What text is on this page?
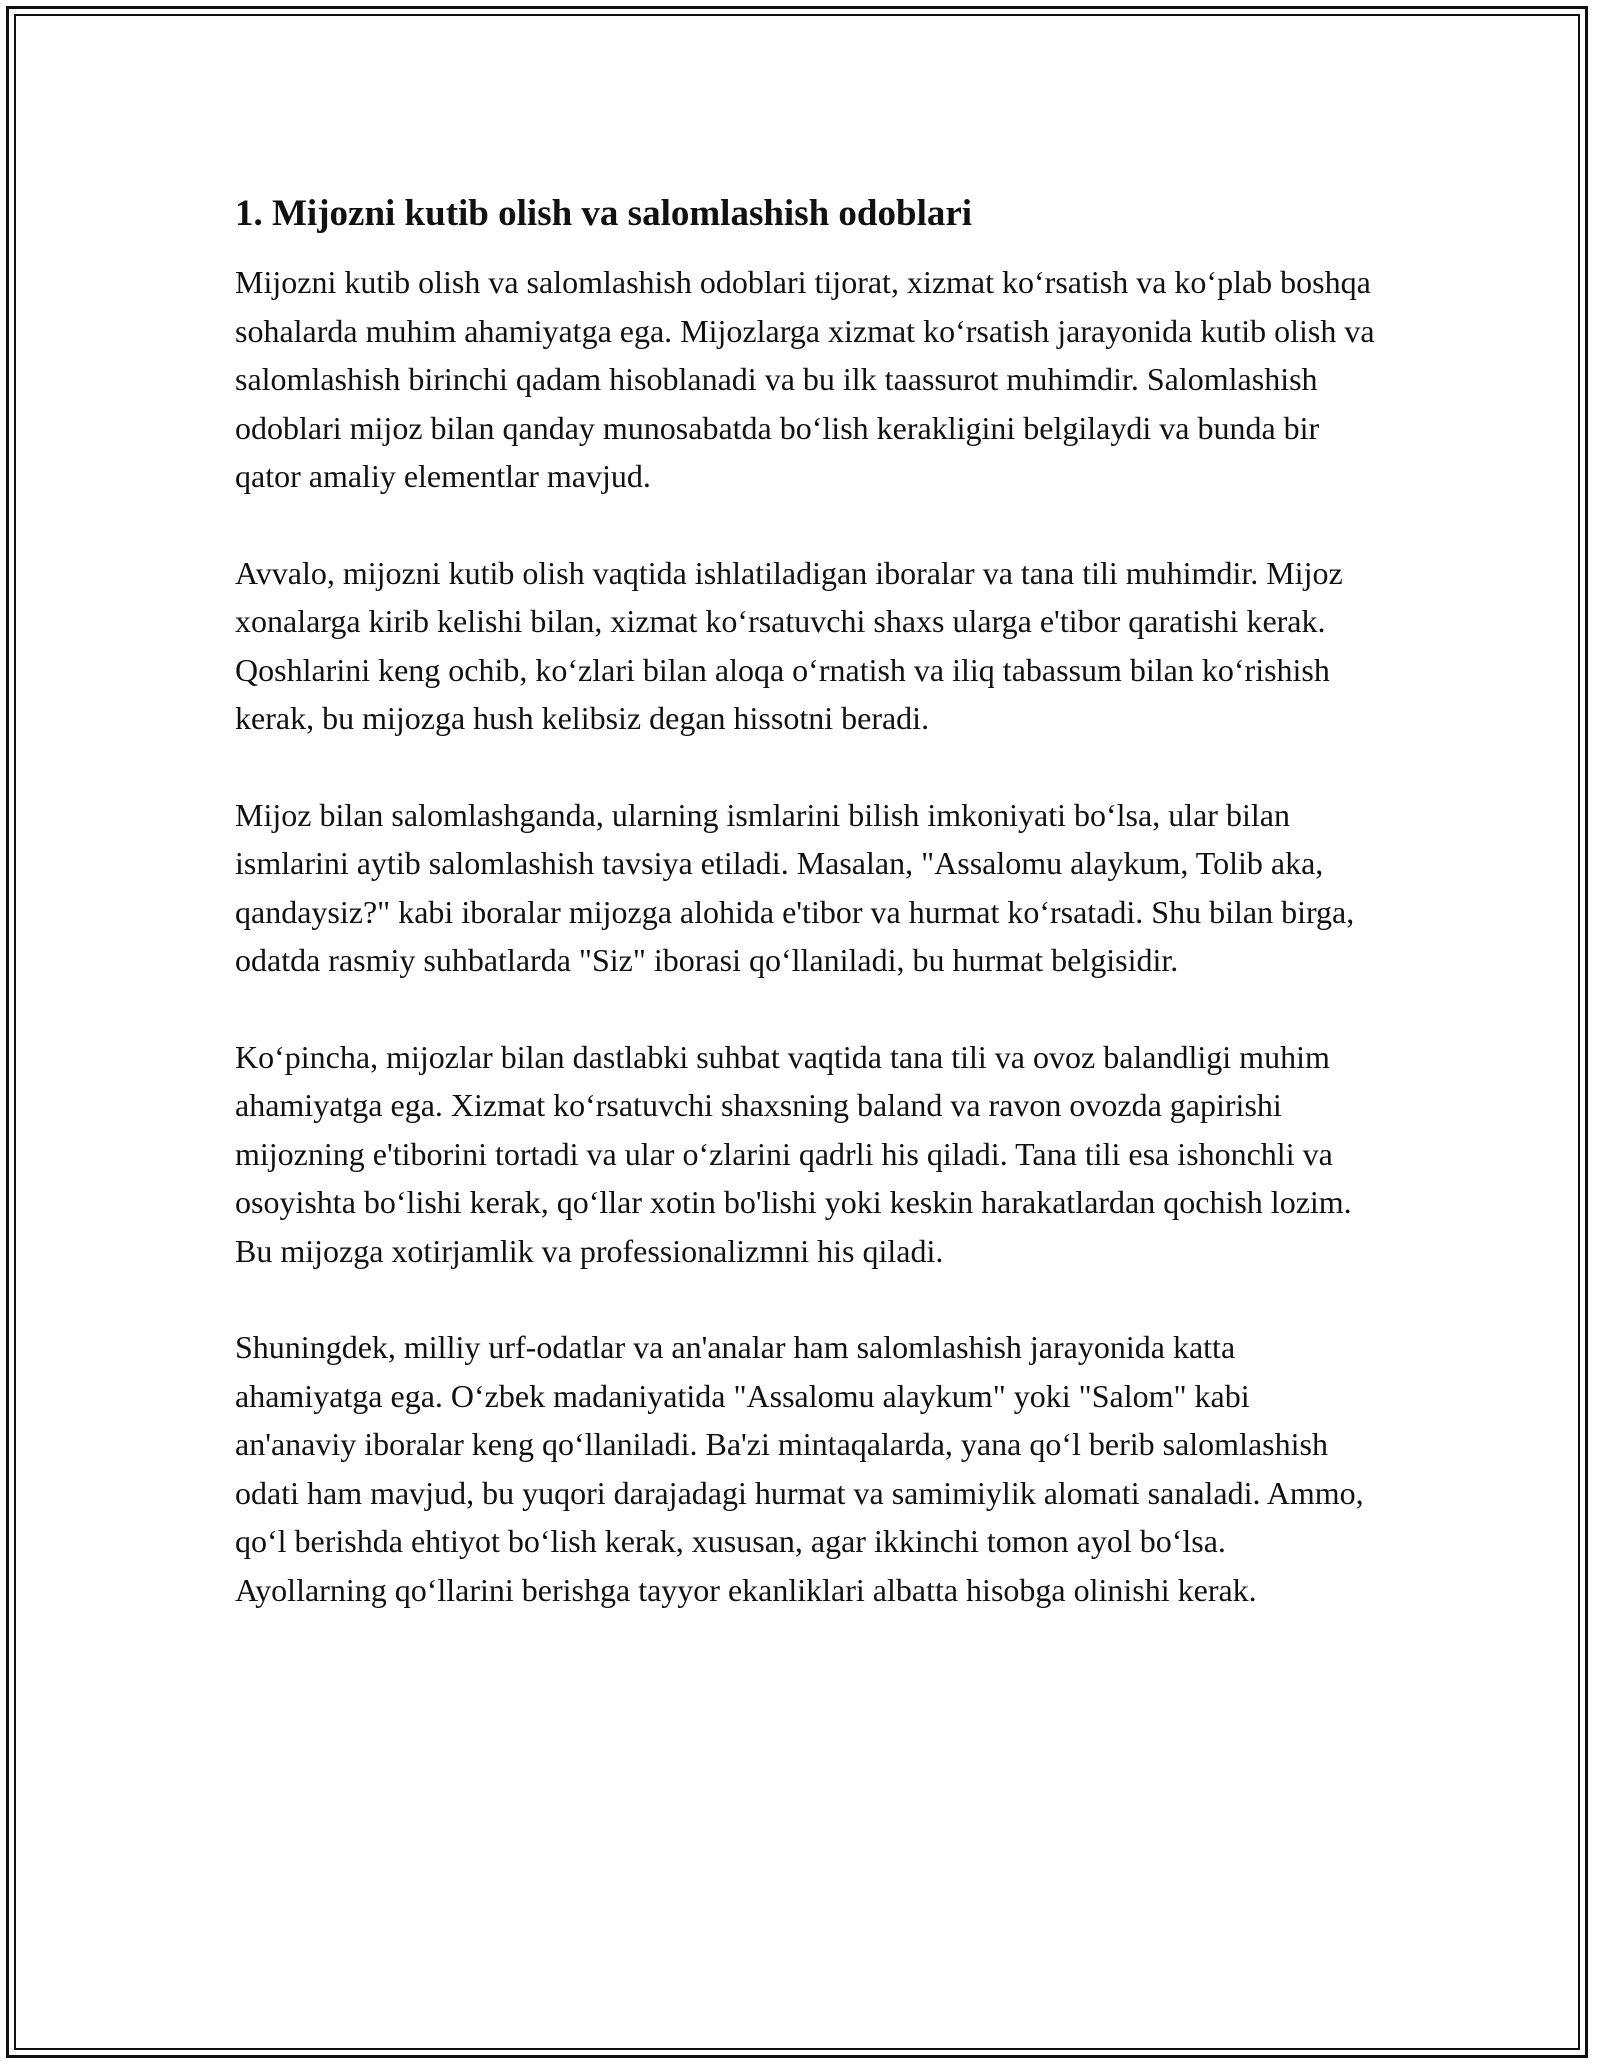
1. Mijozni kutib olish va salomlashish odoblari

Mijozni kutib olish va salomlashish odoblari tijorat, xizmat koʻrsatish va koʻplab boshqa sohalarda muhim ahamiyatga ega. Mijozlarga xizmat koʻrsatish jarayonida kutib olish va salomlashish birinchi qadam hisoblanadi va bu ilk taassurot muhimdir. Salomlashish odoblari mijoz bilan qanday munosabatda boʻlish kerakligini belgilaydi va bunda bir qator amaliy elementlar mavjud.

Avvalo, mijozni kutib olish vaqtida ishlatiladigan iboralar va tana tili muhimdir. Mijoz xonalarga kirib kelishi bilan, xizmat koʻrsatuvchi shaxs ularga e'tibor qaratishi kerak. Qoshlarini keng ochib, koʻzlari bilan aloqa oʻrnatish va iliq tabassum bilan koʻrishish kerak, bu mijozga hush kelibsiz degan hissotni beradi.

Mijoz bilan salomlashganda, ularning ismlarini bilish imkoniyati boʻlsa, ular bilan ismlarini aytib salomlashish tavsiya etiladi. Masalan, "Assalomu alaykum, Tolib aka, qandaysiz?" kabi iboralar mijozga alohida e'tibor va hurmat koʻrsatadi. Shu bilan birga, odatda rasmiy suhbatlarda "Siz" iborasi qoʻllaniladi, bu hurmat belgisidir.

Koʻpincha, mijozlar bilan dastlabki suhbat vaqtida tana tili va ovoz balandligi muhim ahamiyatga ega. Xizmat koʻrsatuvchi shaxsning baland va ravon ovozda gapirishi mijozning e'tiborini tortadi va ular oʻzlarini qadrli his qiladi. Tana tili esa ishonchli va osoyishta boʻlishi kerak, qoʻllar xotin bo'lishi yoki keskin harakatlardan qochish lozim. Bu mijozga xotirjamlik va professionalizmni his qiladi.

Shuningdek, milliy urf-odatlar va an'analar ham salomlashish jarayonida katta ahamiyatga ega. Oʻzbek madaniyatida "Assalomu alaykum" yoki "Salom" kabi an'anaviy iboralar keng qoʻllaniladi. Ba'zi mintaqalarda, yana qoʻl berib salomlashish odati ham mavjud, bu yuqori darajadagi hurmat va samimiylik alomati sanaladi. Ammo, qoʻl berishda ehtiyot boʻlish kerak, xususan, agar ikkinchi tomon ayol boʻlsa. Ayollarning qoʻllarini berishga tayyor ekanliklari albatta hisobga olinishi kerak.
